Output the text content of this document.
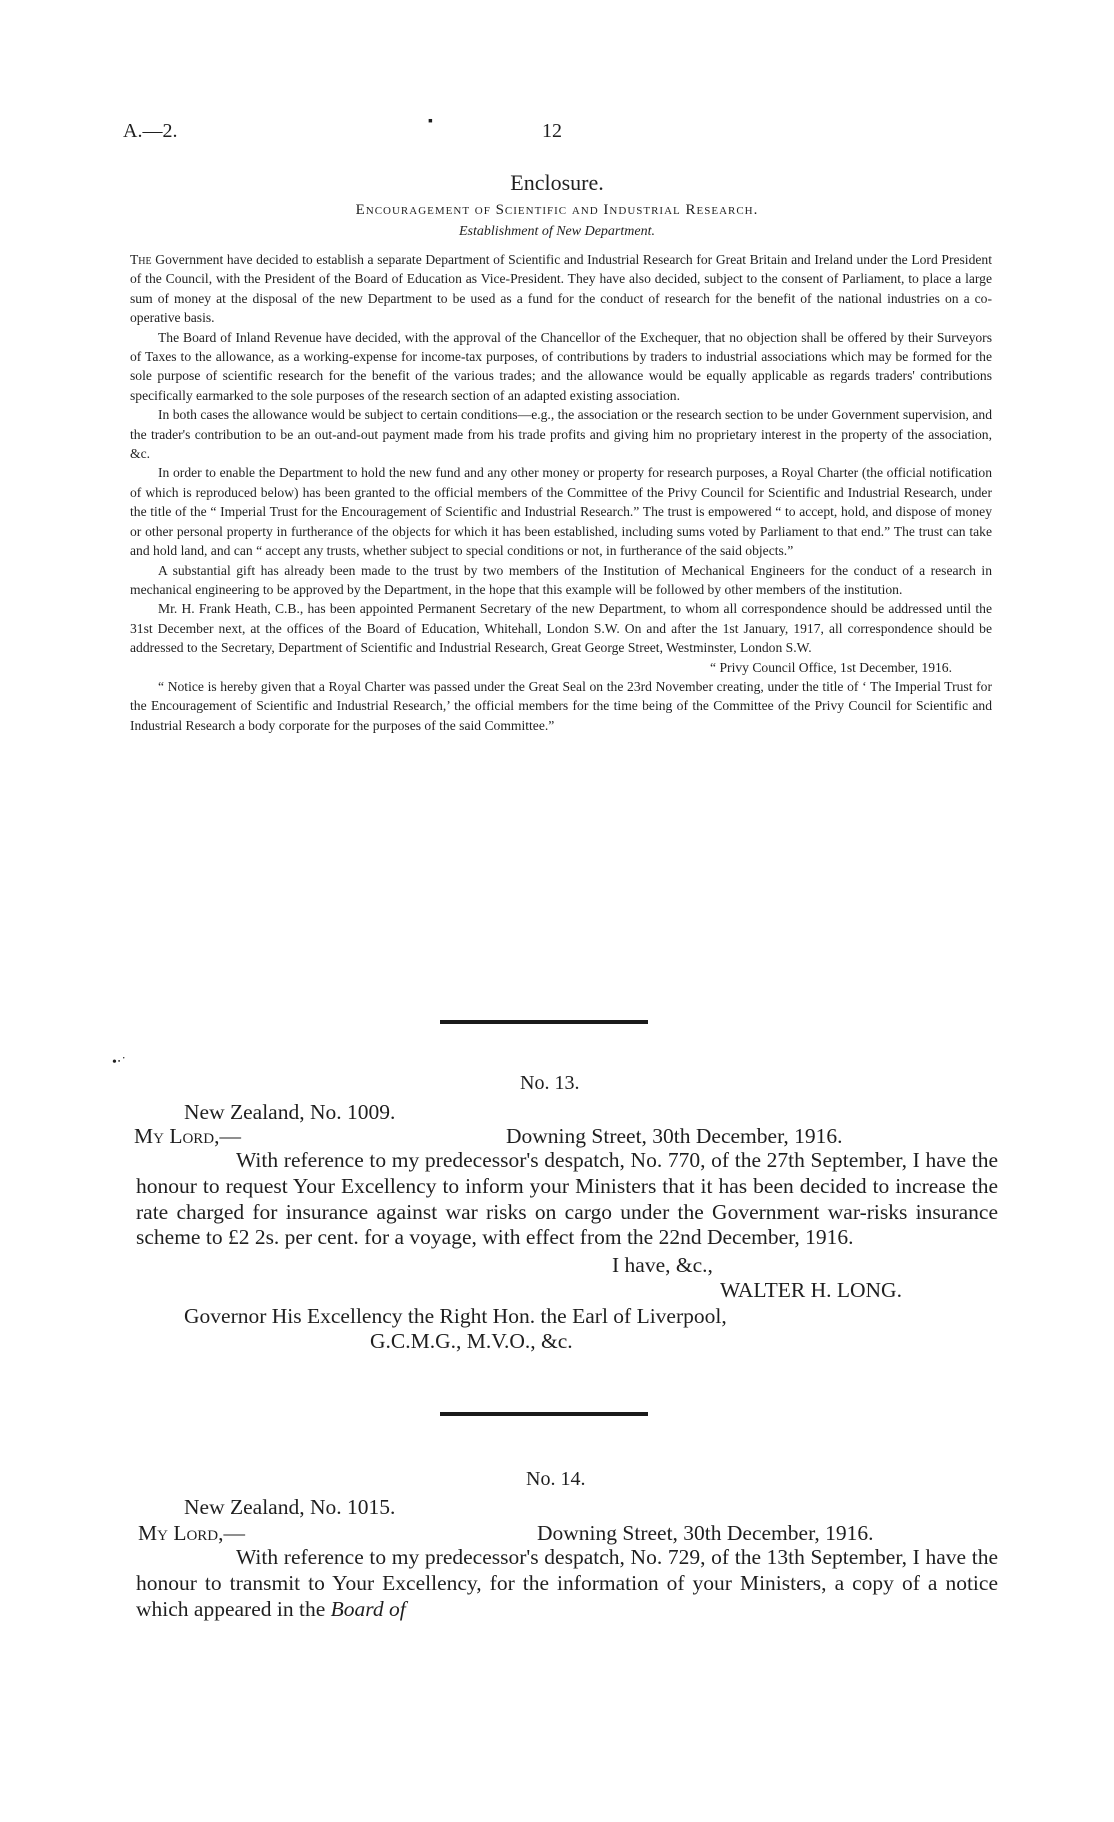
A.—2.	▪	12
Enclosure.
Encouragement of Scientific and Industrial Research.
Establishment of New Department.

The Government have decided to establish a separate Department of Scientific and Industrial Research for Great Britain and Ireland under the Lord President of the Council, with the President of the Board of Education as Vice-President. They have also decided, subject to the consent of Parliament, to place a large sum of money at the disposal of the new Department to be used as a fund for the conduct of research for the benefit of the national industries on a co-operative basis.

The Board of Inland Revenue have decided, with the approval of the Chancellor of the Exchequer, that no objection shall be offered by their Surveyors of Taxes to the allowance, as a working-expense for income-tax purposes, of contributions by traders to industrial associations which may be formed for the sole purpose of scientific research for the benefit of the various trades; and the allowance would be equally applicable as regards traders' contributions specifically earmarked to the sole purposes of the research section of an adapted existing association.

In both cases the allowance would be subject to certain conditions—e.g., the association or the research section to be under Government supervision, and the trader's contribution to be an out-and-out payment made from his trade profits and giving him no proprietary interest in the property of the association, &c.

In order to enable the Department to hold the new fund and any other money or property for research purposes, a Royal Charter (the official notification of which is reproduced below) has been granted to the official members of the Committee of the Privy Council for Scientific and Industrial Research, under the title of the “ Imperial Trust for the Encouragement of Scientific and Industrial Research.” The trust is empowered “ to accept, hold, and dispose of money or other personal property in furtherance of the objects for which it has been established, including sums voted by Parliament to that end.” The trust can take and hold land, and can “ accept any trusts, whether subject to special conditions or not, in furtherance of the said objects.”

A substantial gift has already been made to the trust by two members of the Institution of Mechanical Engineers for the conduct of a research in mechanical engineering to be approved by the Department, in the hope that this example will be followed by other members of the institution.

Mr. H. Frank Heath, C.B., has been appointed Permanent Secretary of the new Department, to whom all correspondence should be addressed until the 31st December next, at the offices of the Board of Education, Whitehall, London S.W. On and after the 1st January, 1917, all correspondence should be addressed to the Secretary, Department of Scientific and Industrial Research, Great George Street, Westminster, London S.W.

“ Privy Council Office, 1st December, 1916.

“ Notice is hereby given that a Royal Charter was passed under the Great Seal on the 23rd November creating, under the title of ‘ The Imperial Trust for the Encouragement of Scientific and Industrial Research,’ the official members for the time being of the Committee of the Privy Council for Scientific and Industrial Research a body corporate for the purposes of the said Committee.”

•‧˙
No. 13.
New Zealand, No. 1009.
My Lord,—	Downing Street, 30th December, 1916.

With reference to my predecessor's despatch, No. 770, of the 27th September, I have the honour to request Your Excellency to inform your Ministers that it has been decided to increase the rate charged for insurance against war risks on cargo under the Government war-risks insurance scheme to £2 2s. per cent. for a voyage, with effect from the 22nd December, 1916.

I have, &c.,
WALTER H. LONG.
Governor His Excellency the Right Hon. the Earl of Liverpool,
G.C.M.G., M.V.O., &c.
No. 14.
New Zealand, No. 1015.
My Lord,—	Downing Street, 30th December, 1916.

With reference to my predecessor's despatch, No. 729, of the 13th September, I have the honour to transmit to Your Excellency, for the information of your Ministers, a copy of a notice which appeared in the Board of
